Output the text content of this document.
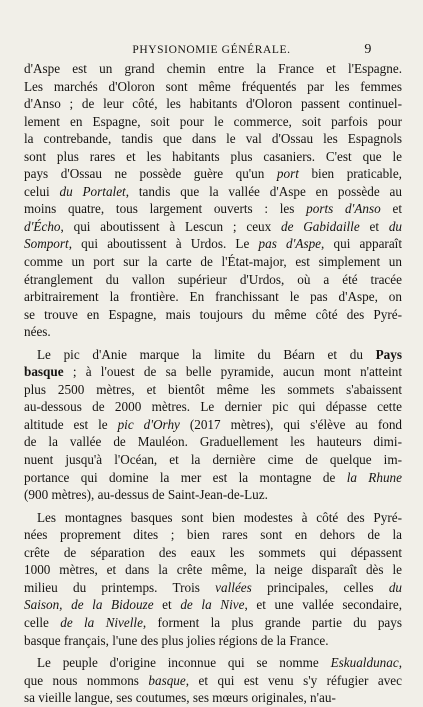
PHYSIONOMIE GÉNÉRALE.	9

d'Aspe est un grand chemin entre la France et l'Espagne.
Les marchés d'Oloron sont même fréquentés par les femmes
d'Anso ; de leur côté, les habitants d'Oloron passent continuel-
lement en Espagne, soit pour le commerce, soit parfois pour
la contrebande, tandis que dans le val d'Ossau les Espagnols
sont plus rares et les habitants plus casaniers. C'est que le
pays d'Ossau ne possède guère qu'un port bien praticable,
celui du Portalet, tandis que la vallée d'Aspe en possède au
moins quatre, tous largement ouverts : les ports d'Anso et
d'Écho, qui aboutissent à Lescun ; ceux de Gabidaille et du
Somport, qui aboutissent à Urdos. Le pas d'Aspe, qui apparaît
comme un port sur la carte de l'État-major, est simplement un
étranglement du vallon supérieur d'Urdos, où a été tracée
arbitrairement la frontière. En franchissant le pas d'Aspe, on
se trouve en Espagne, mais toujours du même côté des Pyré-
nées.

Le pic d'Anie marque la limite du Béarn et du Pays
basque ; à l'ouest de sa belle pyramide, aucun mont n'atteint
plus 2500 mètres, et bientôt même les sommets s'abaissent
au-dessous de 2000 mètres. Le dernier pic qui dépasse cette
altitude est le pic d'Orhy (2017 mètres), qui s'élève au fond
de la vallée de Mauléon. Graduellement les hauteurs dimi-
nuent jusqu'à l'Océan, et la dernière cime de quelque im-
portance qui domine la mer est la montagne de la Rhune
(900 mètres), au-dessus de Saint-Jean-de-Luz.

Les montagnes basques sont bien modestes à côté des Pyré-
nées proprement dites ; bien rares sont en dehors de la
crête de séparation des eaux les sommets qui dépassent
1000 mètres, et dans la crête même, la neige disparaît dès le
milieu du printemps. Trois vallées principales, celles du
Saison, de la Bidouze et de la Nive, et une vallée secondaire,
celle de la Nivelle, forment la plus grande partie du pays
basque français, l'une des plus jolies régions de la France.

Le peuple d'origine inconnue qui se nomme Eskualdunac,
que nous nommons basque, et qui est venu s'y réfugier avec
sa vieille langue, ses coutumes, ses mœurs originales, n'au-
